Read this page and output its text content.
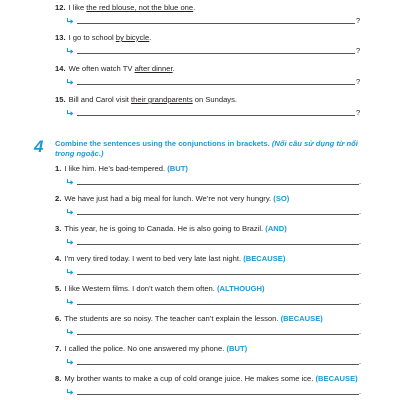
12. I like the red blouse, not the blue one.
?
13. I go to school by bicycle.
?
14. We often watch TV after dinner.
?
15. Bill and Carol visit their grandparents on Sundays.
?
4 Combine the sentences using the conjunctions in brackets. (Nối câu sử dụng từ nối trong ngoặc.)
1. I like him. He’s bad-tempered. (BUT)
.
2. We have just had a big meal for lunch. We’re not very hungry. (SO)
.
3. This year, he is going to Canada. He is also going to Brazil. (AND)
.
4. I’m very tired today. I went to bed very late last night. (BECAUSE)
.
5. I like Western films. I don’t watch them often. (ALTHOUGH)
.
6. The students are so noisy. The teacher can’t explain the lesson. (BECAUSE)
.
7. I called the police. No one answered my phone. (BUT)
.
8. My brother wants to make a cup of cold orange juice. He makes some ice. (BECAUSE)
.
